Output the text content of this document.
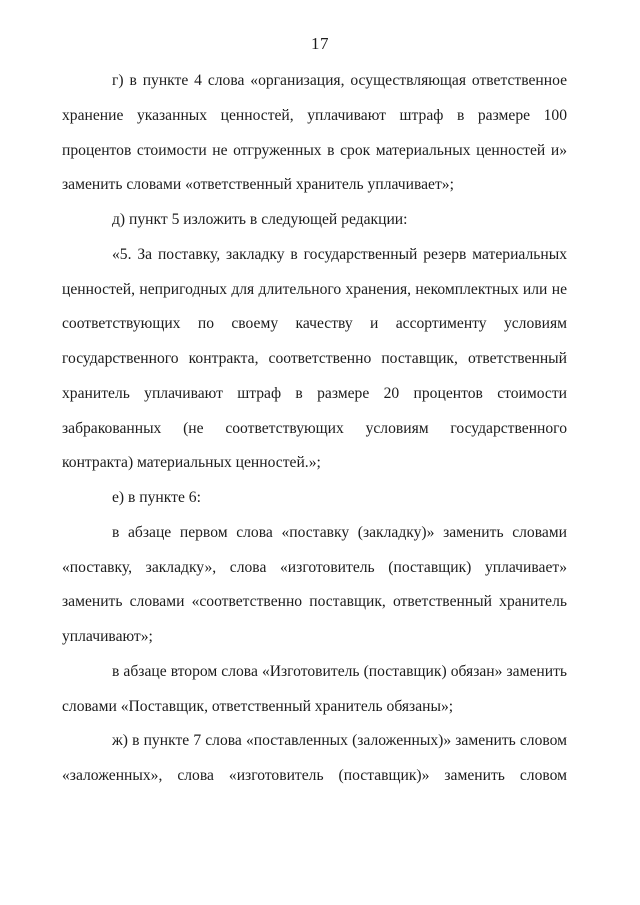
17
г) в пункте 4 слова «организация, осуществляющая ответственное
хранение указанных ценностей, уплачивают штраф в размере 100
процентов стоимости не отгруженных в срок материальных ценностей и»
заменить словами «ответственный хранитель уплачивает»;
д) пункт 5 изложить в следующей редакции:
«5. За поставку, закладку в государственный резерв материальных
ценностей, непригодных для длительного хранения, некомплектных или не
соответствующих по своему качеству и ассортименту условиям
государственного контракта, соответственно поставщик, ответственный
хранитель уплачивают штраф в размере 20 процентов стоимости
забракованных (не соответствующих условиям государственного
контракта) материальных ценностей.»;
е) в пункте 6:
в абзаце первом слова «поставку (закладку)» заменить словами
«поставку, закладку», слова «изготовитель (поставщик) уплачивает»
заменить словами «соответственно поставщик, ответственный хранитель
уплачивают»;
в абзаце втором слова «Изготовитель (поставщик) обязан» заменить
словами «Поставщик, ответственный хранитель обязаны»;
ж) в пункте 7 слова «поставленных (заложенных)» заменить словом
«заложенных», слова «изготовитель (поставщик)» заменить словом
